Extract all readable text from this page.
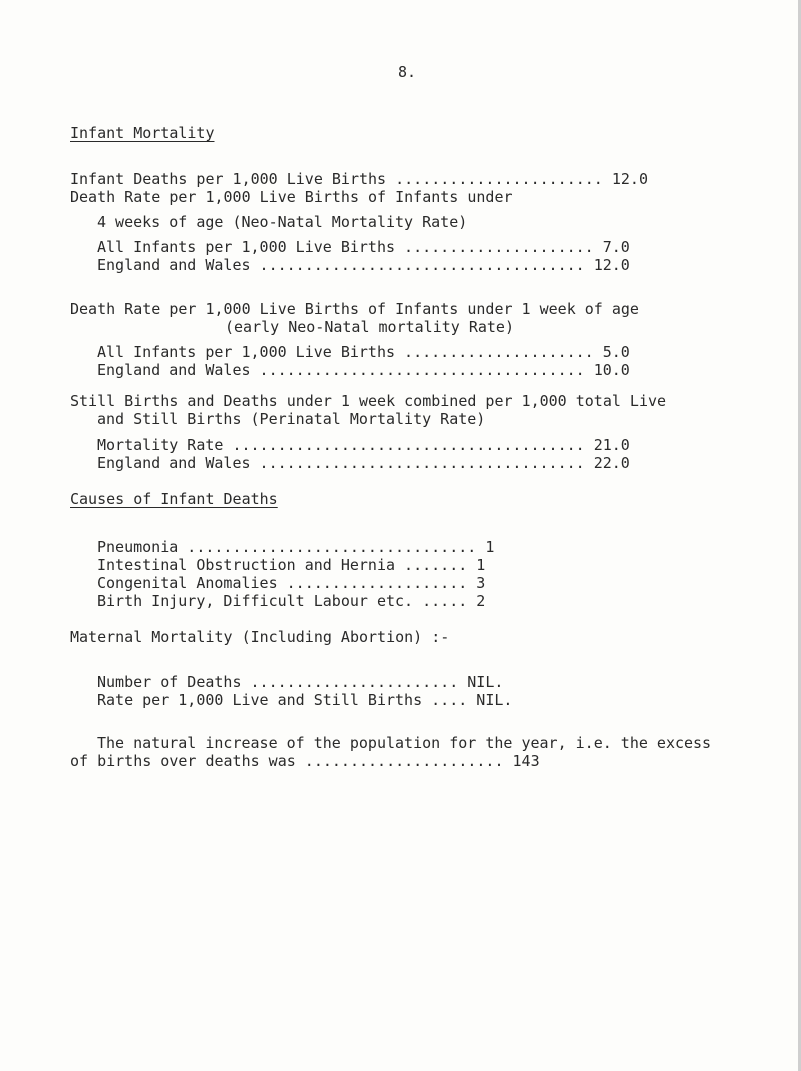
8.
Infant Mortality
Infant Deaths per 1,000 Live Births ....................... 12.0
Death Rate per 1,000 Live Births of Infants under
4 weeks of age (Neo-Natal Mortality Rate)
All Infants per 1,000 Live Births ..................... 7.0
England and Wales .................................... 12.0
Death Rate per 1,000 Live Births of Infants under 1 week of age
(early Neo-Natal mortality Rate)
All Infants per 1,000 Live Births ..................... 5.0
England and Wales .................................... 10.0
Still Births and Deaths under 1 week combined per 1,000 total Live
and Still Births (Perinatal Mortality Rate)
Mortality Rate ....................................... 21.0
England and Wales .................................... 22.0
Causes of Infant Deaths
Pneumonia ................................ 1
Intestinal Obstruction and Hernia ....... 1
Congenital Anomalies .................... 3
Birth Injury, Difficult Labour etc. ..... 2
Maternal Mortality (Including Abortion) :-
Number of Deaths ....................... NIL.
Rate per 1,000 Live and Still Births .... NIL.
The natural increase of the population for the year, i.e. the excess
of births over deaths was ...................... 143
